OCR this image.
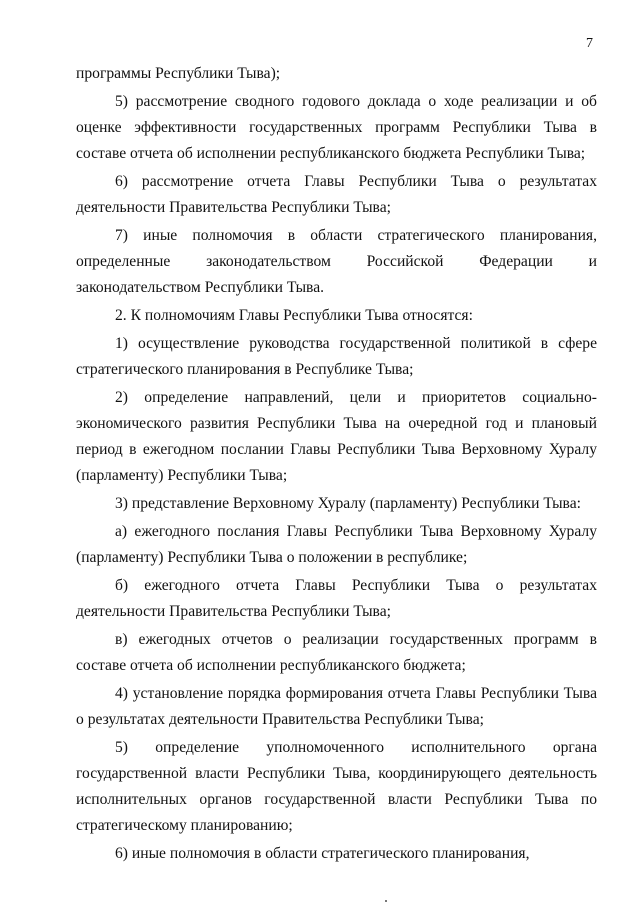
7

программы Республики Тыва);

5) рассмотрение сводного годового доклада о ходе реализации и об оценке эффективности государственных программ Республики Тыва в составе отчета об исполнении республиканского бюджета Республики Тыва;

6) рассмотрение отчета Главы Республики Тыва о результатах деятельности Правительства Республики Тыва;

7) иные полномочия в области стратегического планирования, определенные законодательством Российской Федерации и законодательством Республики Тыва.

2. К полномочиям Главы Республики Тыва относятся:

1) осуществление руководства государственной политикой в сфере стратегического планирования в Республике Тыва;

2) определение направлений, цели и приоритетов социально-экономического развития Республики Тыва на очередной год и плановый период в ежегодном послании Главы Республики Тыва Верховному Хуралу (парламенту) Республики Тыва;

3) представление Верховному Хуралу (парламенту) Республики Тыва:

а) ежегодного послания Главы Республики Тыва Верховному Хуралу (парламенту) Республики Тыва о положении в республике;

б) ежегодного отчета Главы Республики Тыва о результатах деятельности Правительства Республики Тыва;

в) ежегодных отчетов о реализации государственных программ в составе отчета об исполнении республиканского бюджета;

4) установление порядка формирования отчета Главы Республики Тыва о результатах деятельности Правительства Республики Тыва;

5) определение уполномоченного исполнительного органа государственной власти Республики Тыва, координирующего деятельность исполнительных органов государственной власти Республики Тыва по стратегическому планированию;

6) иные полномочия в области стратегического планирования,
